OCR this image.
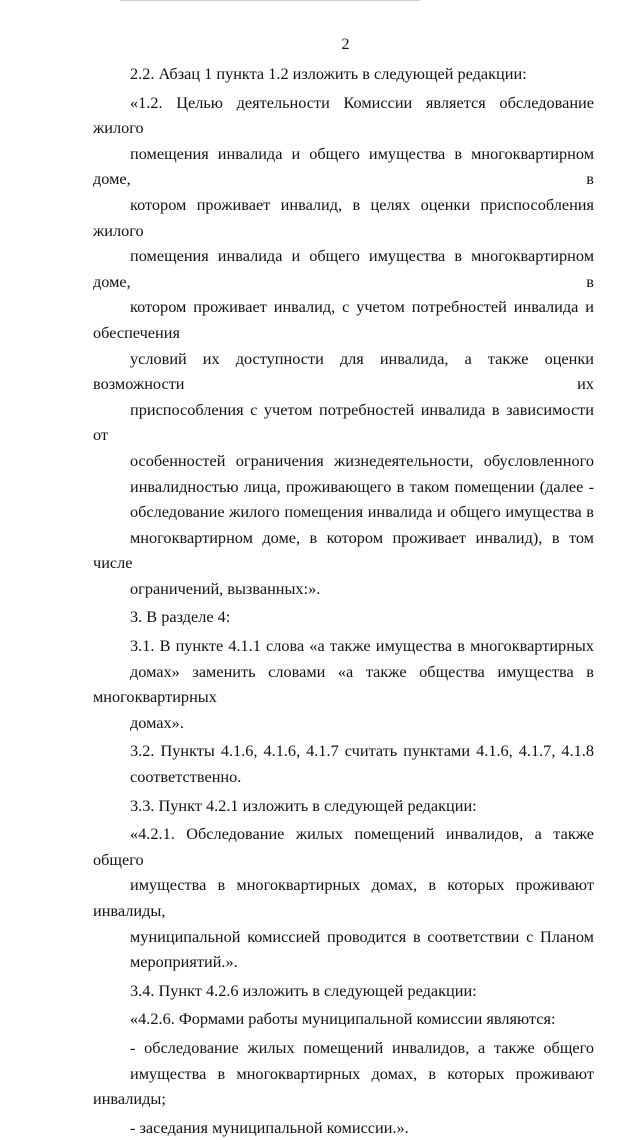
2
2.2. Абзац 1 пункта 1.2 изложить в следующей редакции:
«1.2. Целью деятельности Комиссии является обследование жилого
помещения инвалида и общего имущества в многоквартирном доме, в
котором проживает инвалид, в целях оценки приспособления жилого
помещения инвалида и общего имущества в многоквартирном доме, в
котором проживает инвалид, с учетом потребностей инвалида и обеспечения
условий их доступности для инвалида, а также оценки возможности их
приспособления с учетом потребностей инвалида в зависимости от
особенностей ограничения жизнедеятельности, обусловленного
инвалидностью лица, проживающего в таком помещении (далее -
обследование жилого помещения инвалида и общего имущества в
многоквартирном доме, в котором проживает инвалид), в том числе
ограничений, вызванных:».
3. В разделе 4:
3.1. В пункте 4.1.1 слова «а также имущества в многоквартирных
домах» заменить словами «а также общества имущества в многоквартирных
домах».
3.2. Пункты 4.1.6, 4.1.6, 4.1.7 считать пунктами 4.1.6, 4.1.7, 4.1.8
соответственно.
3.3. Пункт 4.2.1 изложить в следующей редакции:
«4.2.1. Обследование жилых помещений инвалидов, а также общего
имущества в многоквартирных домах, в которых проживают инвалиды,
муниципальной комиссией проводится в соответствии с Планом
мероприятий.».
3.4. Пункт 4.2.6 изложить в следующей редакции:
«4.2.6. Формами работы муниципальной комиссии являются:
- обследование жилых помещений инвалидов, а также общего
имущества в многоквартирных домах, в которых проживают инвалиды;
- заседания муниципальной комиссии.».
